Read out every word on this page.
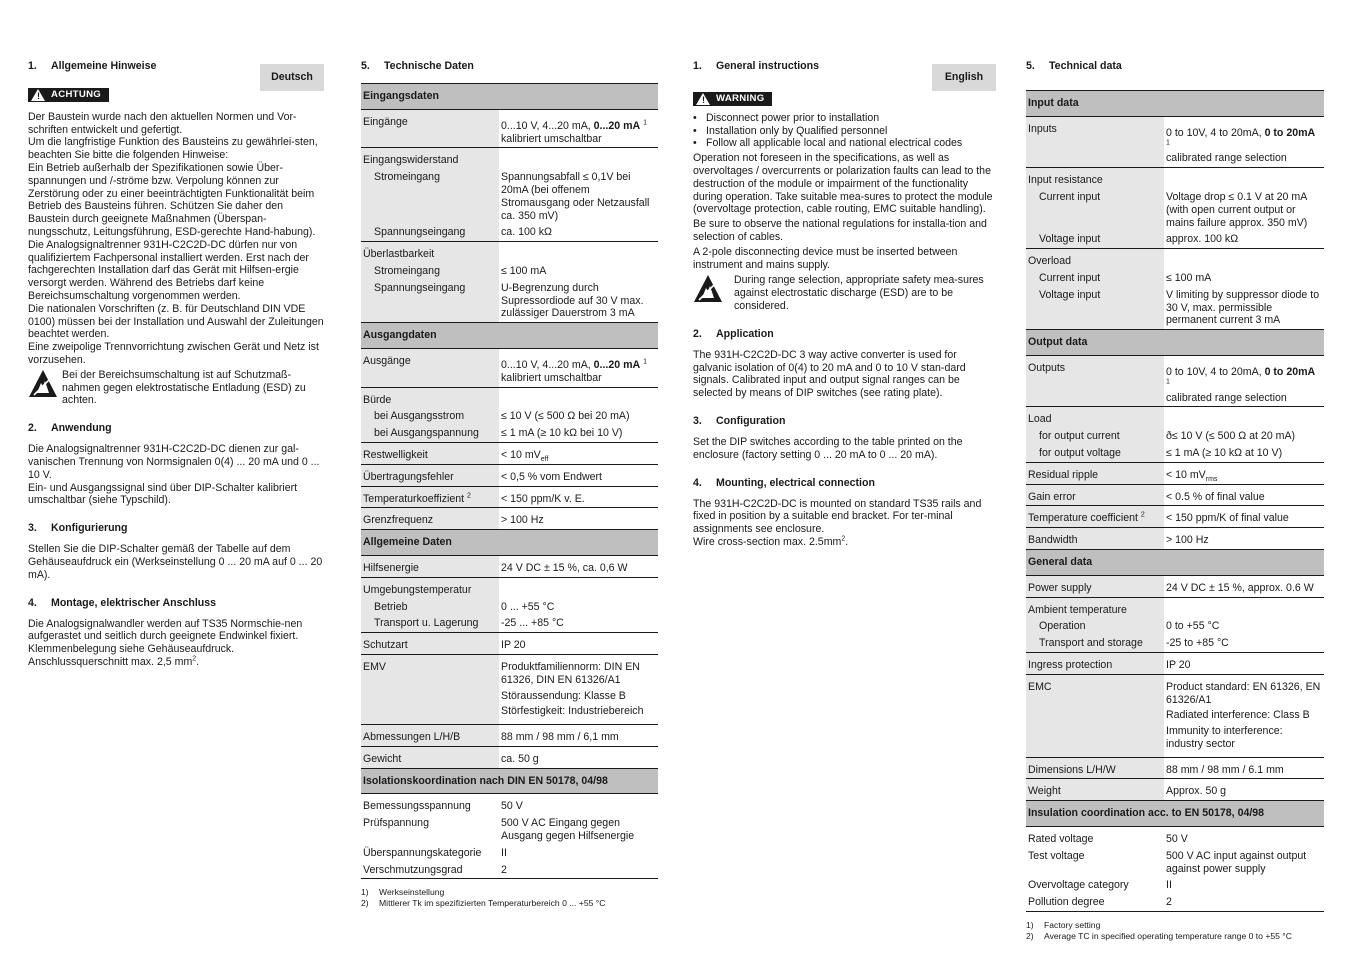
1. Allgemeine Hinweise
Deutsch
! ACHTUNG

Der Baustein wurde nach den aktuellen Normen und Vor-schriften entwickelt und gefertigt.

Um die langfristige Funktion des Bausteins zu gewährlei-sten, beachten Sie bitte die folgenden Hinweise:

Ein Betrieb außerhalb der Spezifikationen sowie Über-spannungen und /-ströme bzw. Verpolung können zur Zerstörung oder zu einer beeinträchtigten Funktionalität beim Betrieb des Bausteins führen. Schützen Sie daher den Baustein durch geeignete Maßnahmen (Überspan-nungsschutz, Leitungsführung, ESD-gerechte Hand-habung).

Die Analogsignaltrenner 931H-C2C2D-DC dürfen nur von qualifiziertem Fachpersonal installiert werden. Erst nach der fachgerechten Installation darf das Gerät mit Hilfsen-ergie versorgt werden. Während des Betriebs darf keine Bereichsumschaltung vorgenommen werden.

Die nationalen Vorschriften (z. B. für Deutschland DIN VDE 0100) müssen bei der Installation und Auswahl der Zuleitungen beachtet werden.

Eine zweipolige Trennvorrichtung zwischen Gerät und Netz ist vorzusehen.

Bei der Bereichsumschaltung ist auf Schutzmaß-nahmen gegen elektrostatische Entladung (ESD) zu achten.

2. Anwendung

Die Analogsignaltrenner 931H-C2C2D-DC dienen zur gal-vanischen Trennung von Normsignalen 0(4) ... 20 mA und 0 ... 10 V.

Ein- und Ausgangssignal sind über DIP-Schalter kalibriert umschaltbar (siehe Typschild).

3. Konfigurierung

Stellen Sie die DIP-Schalter gemäß der Tabelle auf dem Gehäuseaufdruck ein (Werkseinstellung 0 ... 20 mA auf 0 ... 20 mA).

4. Montage, elektrischer Anschluss

Die Analogsignalwandler werden auf TS35 Normschie-nen aufgerastet und seitlich durch geeignete Endwinkel fixiert. Klemmenbelegung siehe Gehäuseaufdruck.

Anschlussquerschnitt max. 2,5 $mm^2$.

5. Technische Daten
Eingangsdaten	
Eingänge	0...10 V, 4...20 mA, 0...20 mA $^1$
kalibriert umschaltbar
Eingangswiderstand	
Stromeingang	Spannungsabfall ≤ 0,1V bei 20mA (bei offenem Stromausgang oder Netzausfall ca. 350 mV)
Spannungseingang	ca. 100 kΩ
Überlastbarkeit	
Stromeingang	≤ 100 mA
Spannungseingang	U-Begrenzung durch Supressordiode auf 30 V max. zulässiger Dauerstrom 3 mA
Ausgangdaten	
Ausgänge	0...10 V, 4...20 mA, 0...20 mA $^1$
kalibriert umschaltbar
Bürde	
bei Ausgangsstrom	≤ 10 V (≤ 500 Ω bei 20 mA)
bei Ausgangspannung	≤ 1 mA (≥ 10 kΩ bei 10 V)
Restwelligkeit	< 10 $mV_{eff}$
Übertragungsfehler	< 0,5 % vom Endwert
Temperaturkoeffizient $^2$	< 150 ppm/K v. E.
Grenzfrequenz	> 100 Hz
Allgemeine Daten	
Hilfsenergie	24 V DC ± 15 %, ca. 0,6 W
Umgebungstemperatur	
Betrieb	0 ... +55 °C
Transport u. Lagerung	-25 ... +85 °C
Schutzart	IP 20
EMV	Produktfamiliennorm: DIN EN 61326, DIN EN 61326/A1
Störaussendung: Klasse B
Störfestigkeit: Industriebereich

Abmessungen L/H/B	88 mm / 98 mm / 6,1 mm
Gewicht	ca. 50 g
Isolationskoordination nach DIN EN 50178, 04/98	
Bemessungsspannung	50 V
Prüfspannung	500 V AC Eingang gegen Ausgang gegen Hilfsenergie
Überspannungskategorie	II
Verschmutzungsgrad	2
1) Werkseinstellung
2) Mittlerer Tk im spezifizierten Temperaturbereich 0 ... +55 °C
1. General instructions
English
! WARNING
• Disconnect power prior to installation
• Installation only by Qualified personnel
• Follow all applicable local and national electrical codes

Operation not foreseen in the specifications, as well as overvoltages / overcurrents or polarization faults can lead to the destruction of the module or impairment of the functionality during operation. Take suitable mea-sures to protect the module (overvoltage protection, cable routing, EMC suitable handling).

Be sure to observe the national regulations for installa-tion and selection of cables.

A 2-pole disconnecting device must be inserted between instrument and mains supply.

During range selection, appropriate safety mea-sures against electrostatic discharge (ESD) are to be considered.

2. Application

The 931H-C2C2D-DC 3 way active converter is used for galvanic isolation of 0(4) to 20 mA and 0 to 10 V stan-dard signals. Calibrated input and output signal ranges can be selected by means of DIP switches (see rating plate).

3. Configuration

Set the DIP switches according to the table printed on the enclosure (factory setting 0 ... 20 mA to 0 ... 20 mA).

4. Mounting, electrical connection

The 931H-C2C2D-DC is mounted on standard TS35 rails and fixed in position by a suitable end bracket. For ter-minal assignments see enclosure.

Wire cross-section max. $2.5mm^2$.

5. Technical data
Input data	
Inputs	0 to 10V, 4 to 20mA, 0 to 20mA $^1$
calibrated range selection
Input resistance	
Current input	Voltage drop ≤ 0.1 V at 20 mA (with open current output or mains failure approx. 350 mV)
Voltage input	approx. 100 kΩ
Overload	
Current input	≤ 100 mA
Voltage input	V limiting by suppressor diode to 30 V, max. permissible permanent current 3 mA
Output data	
Outputs	0 to 10V, 4 to 20mA, 0 to 20mA $^1$
calibrated range selection
Load	
for output current	ð≤ 10 V (≤ 500 Ω at 20 mA)
for output voltage	≤ 1 mA (≥ 10 kΩ at 10 V)
Residual ripple	< 10 $mV_{rms}$
Gain error	< 0.5 % of final value
Temperature coefficient $^2$	< 150 ppm/K of final value
Bandwidth	> 100 Hz
General data	
Power supply	24 V DC ± 15 %, approx. 0.6 W
Ambient temperature	
Operation	0 to +55 °C
Transport and storage	-25 to +85 °C
Ingress protection	IP 20
EMC	Product standard: EN 61326, EN 61326/A1
Radiated interference: Class B
Immunity to interference: industry sector

Dimensions L/H/W	88 mm / 98 mm / 6.1 mm
Weight	Approx. 50 g
Insulation coordination acc. to EN 50178, 04/98	
Rated voltage	50 V
Test voltage	500 V AC input against output against power supply
Overvoltage category	II
Pollution degree	2
1) Factory setting
2) Average TC in specified operating temperature range 0 to +55 °C
